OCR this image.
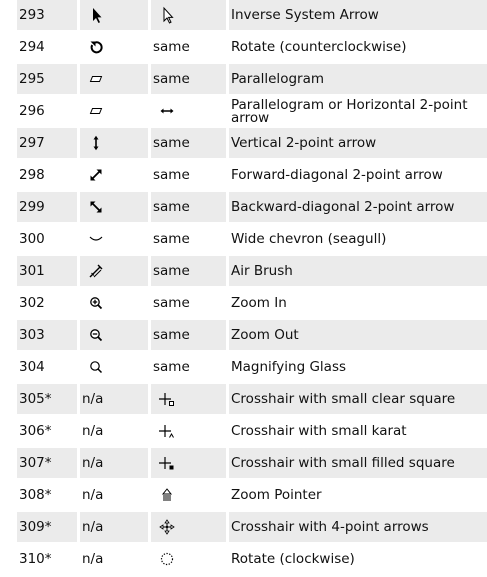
293	Inverse System Arrow
294	same	Rotate (counterclockwise)
295	same	Parallelogram
296	Parallelogram or Horizontal 2-point arrow
297	same	Vertical 2-point arrow
298	same	Forward-diagonal 2-point arrow
299	same	Backward-diagonal 2-point arrow
300	same	Wide chevron (seagull)
301	same	Air Brush
302	same	Zoom In
303	same	Zoom Out
304	same	Magnifying Glass
305* n/a	Crosshair with small clear square
306* n/a	Crosshair with small karat
307* n/a	Crosshair with small filled square
308* n/a	Zoom Pointer
309* n/a	Crosshair with 4-point arrows
310* n/a	Rotate (clockwise)
